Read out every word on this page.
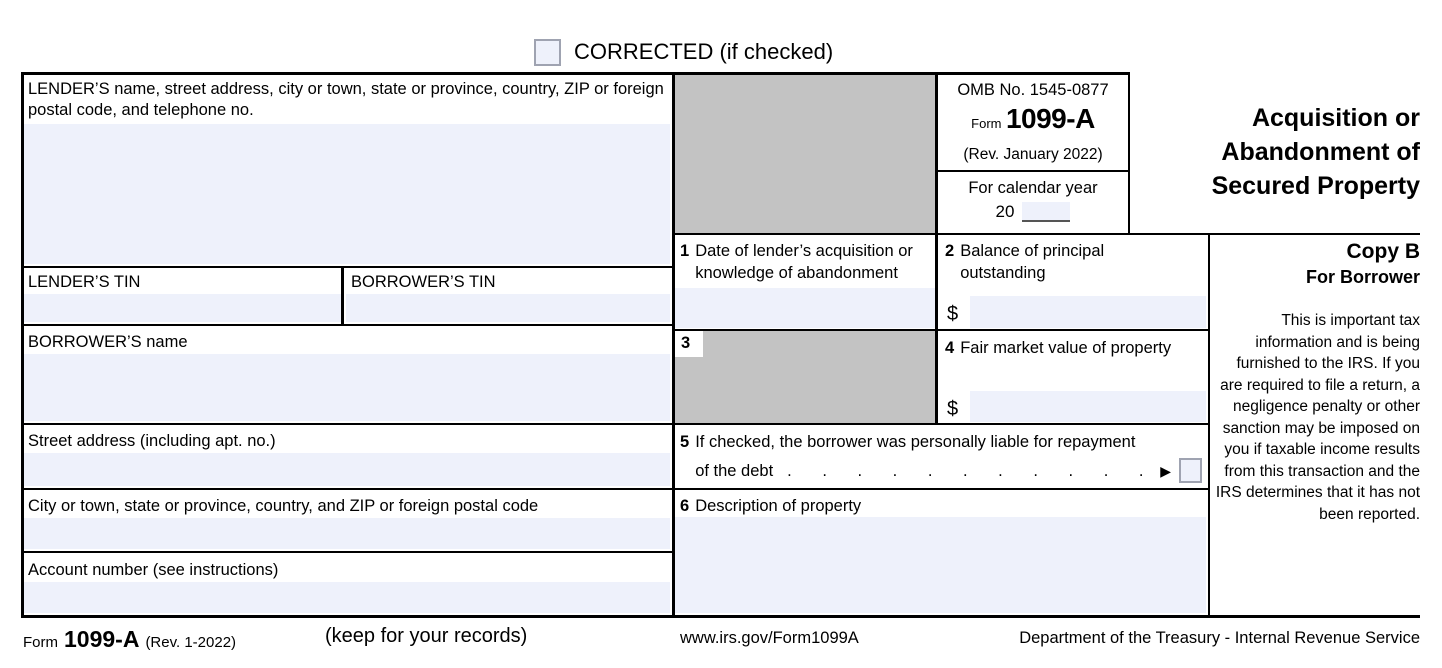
CORRECTED (if checked)
3
LENDER’S name, street address, city or town, state or province, country, ZIP or foreign postal code, and telephone no.
LENDER’S TIN	BORROWER’S TIN
BORROWER’S name
Street address (including apt. no.)
City or town, state or province, country, and ZIP or foreign postal code
Account number (see instructions)
OMB No. 1545-0877
Form 1099-A
(Rev. January 2022)
For calendar year
20
Acquisition or Abandonment of Secured Property
1 Date of lender’s acquisition or knowledge of abandonment
2 Balance of principal outstanding
$
4 Fair market value of property
$
5 If checked, the borrower was personally liable for repayment
of the debt . . . . . . . . . . . ▶
6 Description of property
Copy B
For Borrower
This is important tax information and is being furnished to the IRS. If you are required to file a return, a negligence penalty or other sanction may be imposed on you if taxable income results from this transaction and the IRS determines that it has not been reported.
Form 1099-A (Rev. 1-2022)	(keep for your records)	www.irs.gov/Form1099A	Department of the Treasury - Internal Revenue Service
